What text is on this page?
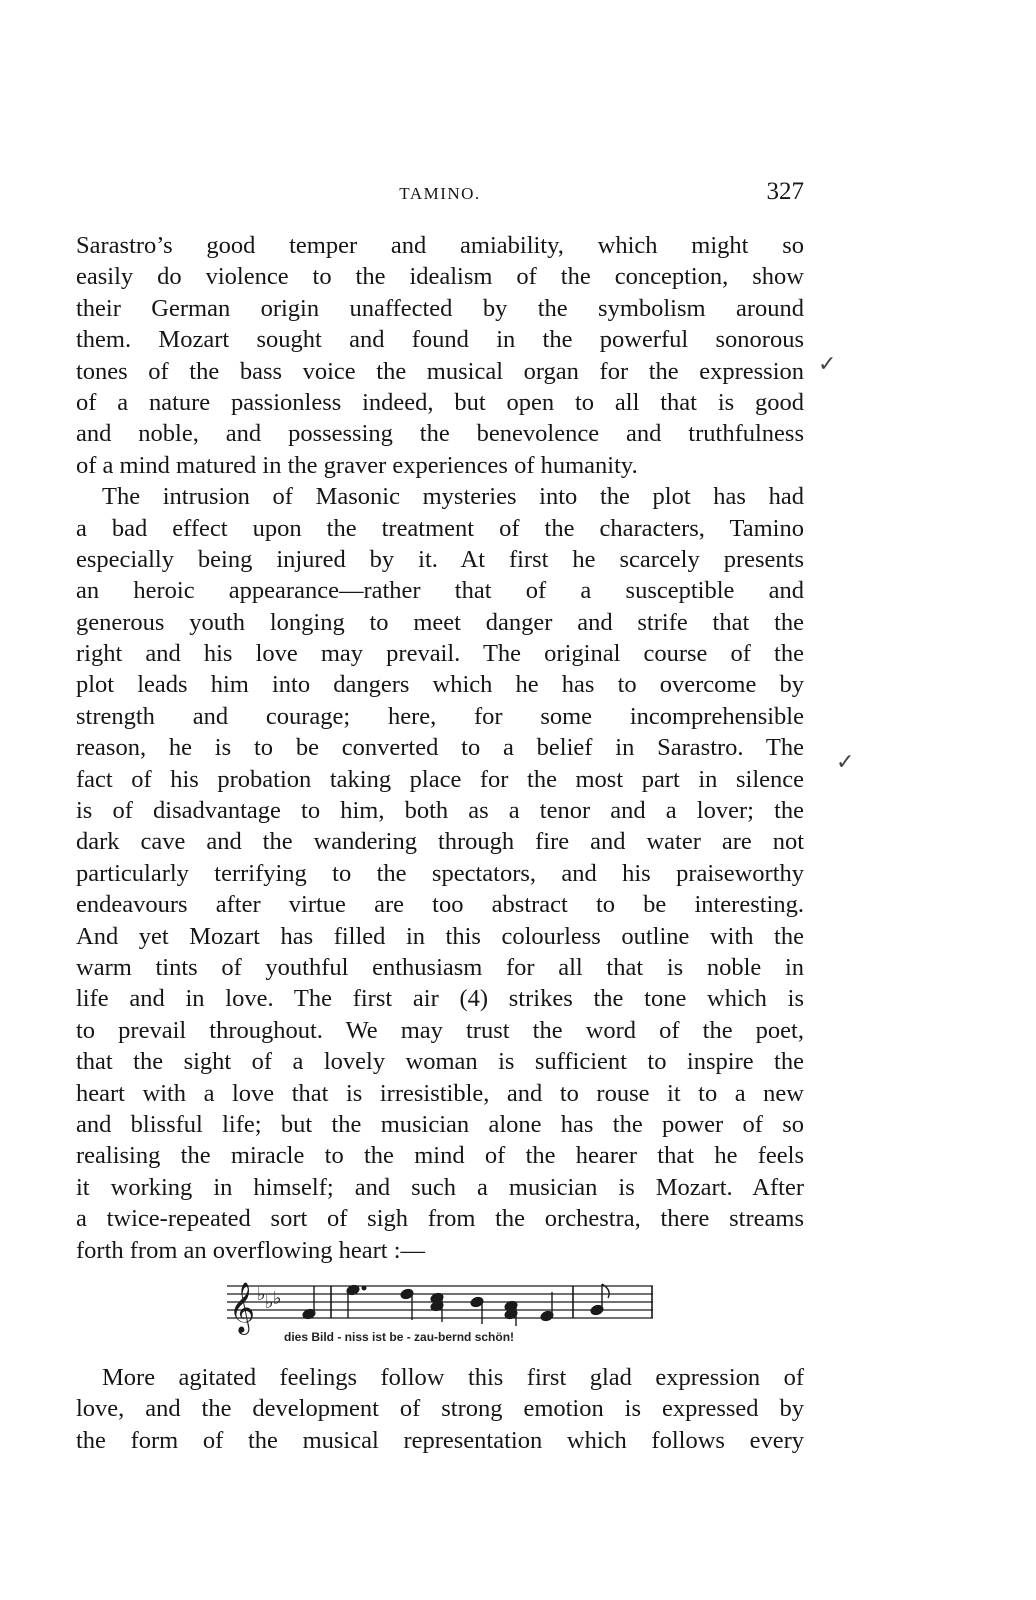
TAMINO.	327
Sarastro’s good temper and amiability, which might so
easily do violence to the idealism of the conception, show
their German origin unaffected by the symbolism around
them. Mozart sought and found in the powerful sonorous
tones of the bass voice the musical organ for the expression
of a nature passionless indeed, but open to all that is good
and noble, and possessing the benevolence and truthfulness
of a mind matured in the graver experiences of humanity.
The intrusion of Masonic mysteries into the plot has had
a bad effect upon the treatment of the characters, Tamino
especially being injured by it. At first he scarcely presents
an heroic appearance—rather that of a susceptible and
generous youth longing to meet danger and strife that the
right and his love may prevail. The original course of the
plot leads him into dangers which he has to overcome by
strength and courage; here, for some incomprehensible
reason, he is to be converted to a belief in Sarastro. The
fact of his probation taking place for the most part in silence
is of disadvantage to him, both as a tenor and a lover; the
dark cave and the wandering through fire and water are not
particularly terrifying to the spectators, and his praiseworthy
endeavours after virtue are too abstract to be interesting.
And yet Mozart has filled in this colourless outline with the
warm tints of youthful enthusiasm for all that is noble in
life and in love. The first air (4) strikes the tone which is
to prevail throughout. We may trust the word of the poet,
that the sight of a lovely woman is sufficient to inspire the
heart with a love that is irresistible, and to rouse it to a new
and blissful life; but the musician alone has the power of so
realising the miracle to the mind of the hearer that he feels
it working in himself; and such a musician is Mozart. After
a twice-repeated sort of sigh from the orchestra, there streams
forth from an overflowing heart :—
✓
✓
𝄞 ♭ ♭ ♭
dies Bild - niss ist be - zau-bernd schön!
More agitated feelings follow this first glad expression of
love, and the development of strong emotion is expressed by
the form of the musical representation which follows every
